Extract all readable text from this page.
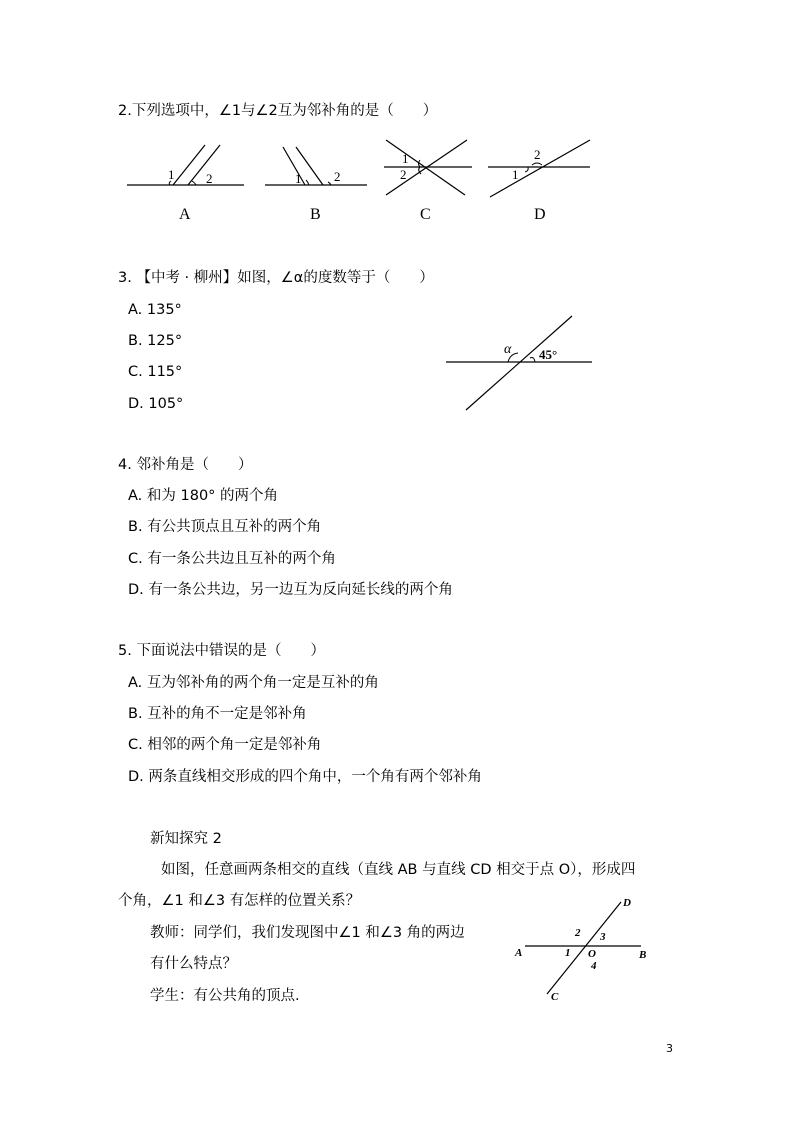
2.下列选项中，∠1与∠2互为邻补角的是（　　）
1 2
A
1	2
B
1
2
C
1
2
D
3. 【中考 · 柳州】如图，∠α的度数等于（　　）
A. 135°
B. 125°
C. 115°
D. 105°
α 45°
4. 邻补角是（　　）
A. 和为 180° 的两个角
B. 有公共顶点且互补的两个角
C. 有一条公共边且互补的两个角
D. 有一条公共边，另一边互为反向延长线的两个角
5. 下面说法中错误的是（　　）
A. 互为邻补角的两个角一定是互补的角
B. 互补的角不一定是邻补角
C. 相邻的两个角一定是邻补角
D. 两条直线相交形成的四个角中，一个角有两个邻补角
新知探究 2
如图，任意画两条相交的直线（直线 AB 与直线 CD 相交于点 O），形成四
个角，∠1 和∠3 有怎样的位置关系？
教师：同学们，我们发现图中∠1 和∠3 角的两边
有什么特点？
学生：有公共角的顶点.
A	B
C
D
O
1
2 3
4
3
